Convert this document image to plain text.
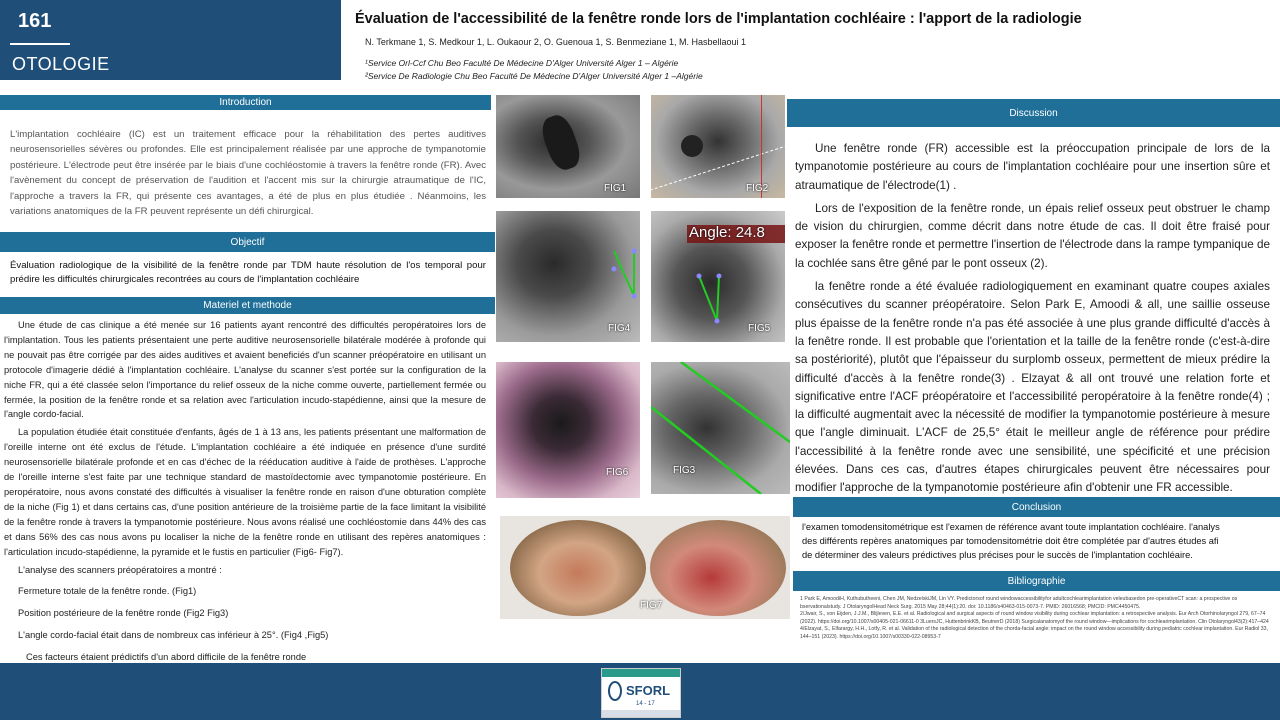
161
OTOLOGIE
Évaluation de l'accessibilité de la fenêtre ronde lors de l'implantation cochléaire : l'apport de la radiologie
N. Terkmane 1, S. Medkour 1, L. Oukaour 2, O. Guenoua 1, S. Benmeziane 1, M. Hasbellaoui 1
¹Service Orl-Ccf Chu Beo Faculté De Médecine D'Alger Université Alger 1 – Algérie
²Service De Radiologie Chu Beo Faculté De Médecine D'Alger Université Alger 1 –Algérie
Introduction
L'implantation cochléaire (IC) est un traitement efficace pour la réhabilitation des pertes auditives neurosensorielles sévères ou profondes. Elle est principalement réalisée par une approche de tympanotomie postérieure. L'électrode peut être insérée par le biais d'une cochléostomie à travers la fenêtre ronde (FR). Avec l'avènement du concept de préservation de l'audition et l'accent mis sur la chirurgie atraumatique de l'IC, l'approche a travers la FR, qui présente ces avantages, a été de plus en plus étudiée . Néanmoins, les variations anatomiques de la FR peuvent représente un défi chirurgical.
Objectif
Évaluation radiologique de la visibilité de la fenêtre ronde par TDM haute résolution de l'os temporal pour prédire les difficultés chirurgicales recontrées au cours de l'implantation cochléaire
Materiel et methode

Une étude de cas clinique a été menée sur 16 patients ayant rencontré des difficultés peropératoires lors de l'implantation. Tous les patients présentaient une perte auditive neurosensorielle bilatérale modérée à profonde qui ne pouvait pas être corrigée par des aides auditives et avaient beneficiés d'un scanner préopératoire en utilisant un protocole d'imagerie dédié à l'implantation cochléaire. L'analyse du scanner s'est portée sur la configuration de la niche FR, qui a été classée selon l'importance du relief osseux de la niche comme ouverte, partiellement fermée ou fermée, la position de la fenêtre ronde et sa relation avec l'articulation incudo-stapédienne, ainsi que la mesure de l'angle cordo-facial.

La population étudiée était constituée d'enfants, âgés de 1 à 13 ans, les patients présentant une malformation de l'oreille interne ont été exclus de l'étude. L'implantation cochléaire a été indiquée en présence d'une surdité neurosensorielle bilatérale profonde et en cas d'échec de la rééducation auditive à l'aide de prothèses. L'approche de l'oreille interne s'est faite par une technique standard de mastoïdectomie avec tympanotomie postérieure. En peropératoire, nous avons constaté des difficultés à visualiser la fenêtre ronde en raison d'une obturation complète de la niche (Fig 1) et dans certains cas, d'une position antérieure de la troisième partie de la face limitant la visibilité de la fenêtre ronde à travers la tympanotomie postérieure. Nous avons réalisé une cochléostomie dans 44% des cas et dans 56% des cas nous avons pu localiser la niche de la fenêtre ronde en utilisant des repères anatomiques : l'articulation incudo-stapédienne, la pyramide et le fustis en particulier (Fig6- Fig7).

L'analyse des scanners préopératoires a montré :
Fermeture totale de la fenêtre ronde. (Fig1)
Position postérieure de la fenêtre ronde (Fig2 Fig3)
L'angle cordo-facial était dans de nombreux cas inférieur à 25°. (Fig4 ,Fig5)
Ces facteurs étaient prédictifs d'un abord difficile de la fenêtre ronde
FIG1	FIG2
FIG4
Angle: 24.8
FIG5
FIG6	FIG3
FIG7
Discussion

Une fenêtre ronde (FR) accessible est la préoccupation principale de lors de la tympanotomie postérieure au cours de l'implantation cochléaire pour une insertion sûre et atraumatique de l'électrode(1) .

Lors de l'exposition de la fenêtre ronde, un épais relief osseux peut obstruer le champ de vision du chirurgien, comme décrit dans notre étude de cas. Il doit être fraisé pour exposer la fenêtre ronde et permettre l'insertion de l'électrode dans la rampe tympanique de la cochlée sans être gêné par le pont osseux (2).

la fenêtre ronde a été évaluée radiologiquement en examinant quatre coupes axiales consécutives du scanner préopératoire. Selon Park E, Amoodi & all, une saillie osseuse plus épaisse de la fenêtre ronde n'a pas été associée à une plus grande difficulté d'accès à la fenêtre ronde. Il est probable que l'orientation et la taille de la fenêtre ronde (c'est-à-dire sa postériorité), plutôt que l'épaisseur du surplomb osseux, permettent de mieux prédire la difficulté d'accès à la fenêtre ronde(3) . Elzayat & all ont trouvé une relation forte et significative entre l'ACF préopératoire et l'accessibilité peropératoire à la fenêtre ronde(4) ; la difficulté augmentait avec la nécessité de modifier la tympanotomie postérieure à mesure que l'angle diminuait. L'ACF de 25,5° était le meilleur angle de référence pour prédire l'accessibilité à la fenêtre ronde avec une sensibilité, une spécificité et une précision élevées. Dans ces cas, d'autres étapes chirurgicales peuvent être nécessaires pour modifier l'approche de la tympanotomie postérieure afin d'obtenir une FR accessible.

Conclusion
l'examen tomodensitométrique est l'examen de référence avant toute implantation cochléaire. l'analys
des différents repères anatomiques par tomodensitométrie doit être complétée par d'autres études afi
de déterminer des valeurs prédictives plus précises pour le succès de l'implantation cochléaire.
Bibliographie
1 Park E, AmoodiH, Kuthubutheeni, Chen JM, NedzelskiJM, Lin VY. Predictorsof round windowaccessibilityfor adultcochlearimplantation veleubasedon pre-operativeCT scan: a prospective os bservationalstudy. J OtolaryngolHead Neck Surg. 2015 May 28;44(1):20. doi: 10.1186/s40463-015-0073-7. PMID: 26016568; PMCID: PMC4450475.
2/Jwair, S., von Eijden, J.J.M., Blijleven, E.E. et al. Radiological and surgical aspects of round window visibility during cochlear implantation: a retrospective analysis. Eur Arch Otorhinolaryngol 279, 67–74 (2022). https://doi.org/10.1007/s00405-021-06611-0 3LuersJC, HuttenbrinkKB, BeutnerD (2018) Surgicalanatomyof the round window—implications for cochlearimplantation. Clin Otolaryngol43(2):417–424
4/Elzayat, S., Elfarargy, H.H., Lotfy, R. et al. Validation of the radiological detection of the chorda-facial angle: impact on the round window accessibility during pediatric cochlear implantation. Eur Radiol 33, 144–151 (2023). https://doi.org/10.1007/s00330-022-08953-7
SFORL
14 - 17
